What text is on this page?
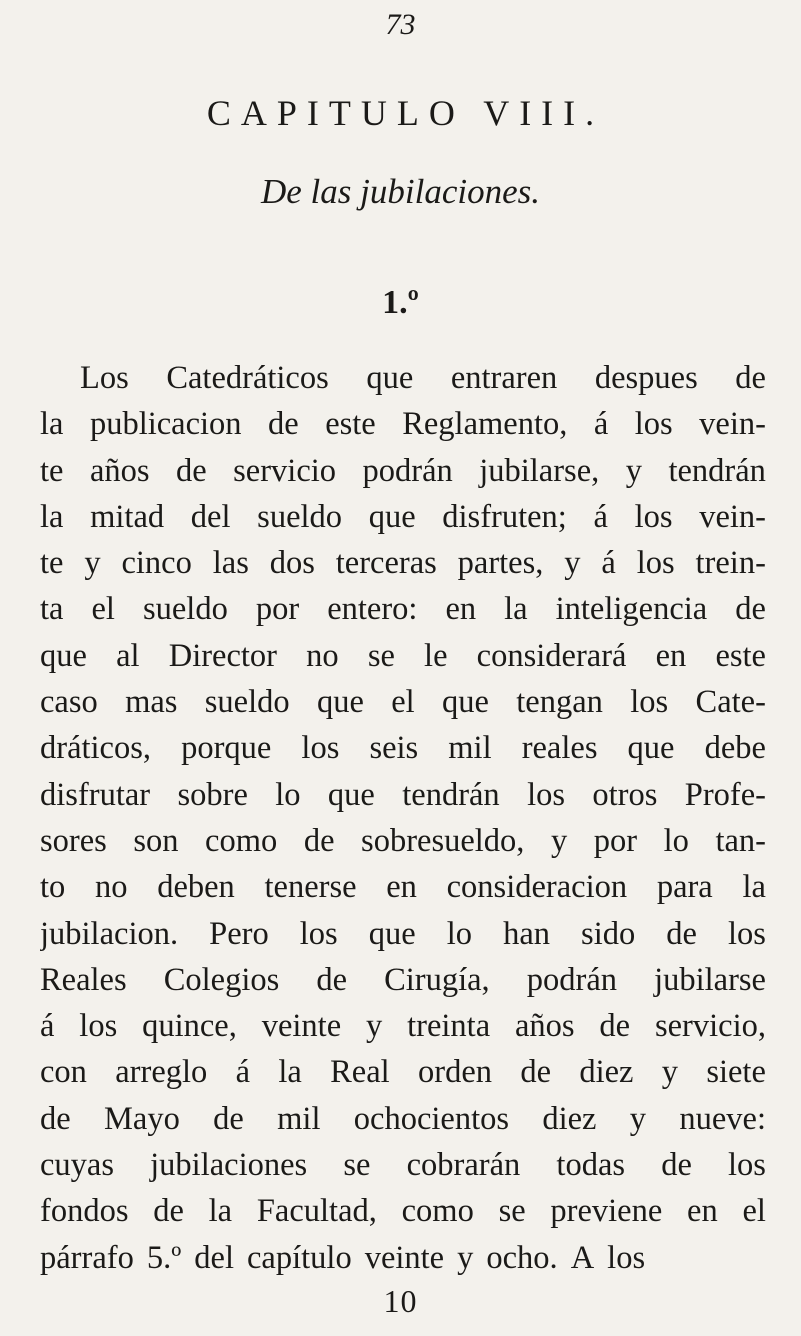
73
CAPITULO VIII.
De las jubilaciones.
1.º
Los Catedráticos que entraren despues de
la publicacion de este Reglamento, á los vein-
te años de servicio podrán jubilarse, y tendrán
la mitad del sueldo que disfruten; á los vein-
te y cinco las dos terceras partes, y á los trein-
ta el sueldo por entero: en la inteligencia de
que al Director no se le considerará en este
caso mas sueldo que el que tengan los Cate-
dráticos, porque los seis mil reales que debe
disfrutar sobre lo que tendrán los otros Profe-
sores son como de sobresueldo, y por lo tan-
to no deben tenerse en consideracion para la
jubilacion. Pero los que lo han sido de los
Reales Colegios de Cirugía, podrán jubilarse
á los quince, veinte y treinta años de servicio,
con arreglo á la Real orden de diez y siete
de Mayo de mil ochocientos diez y nueve:
cuyas jubilaciones se cobrarán todas de los
fondos de la Facultad, como se previene en el
párrafo 5.º del capítulo veinte y ocho. A los
10
